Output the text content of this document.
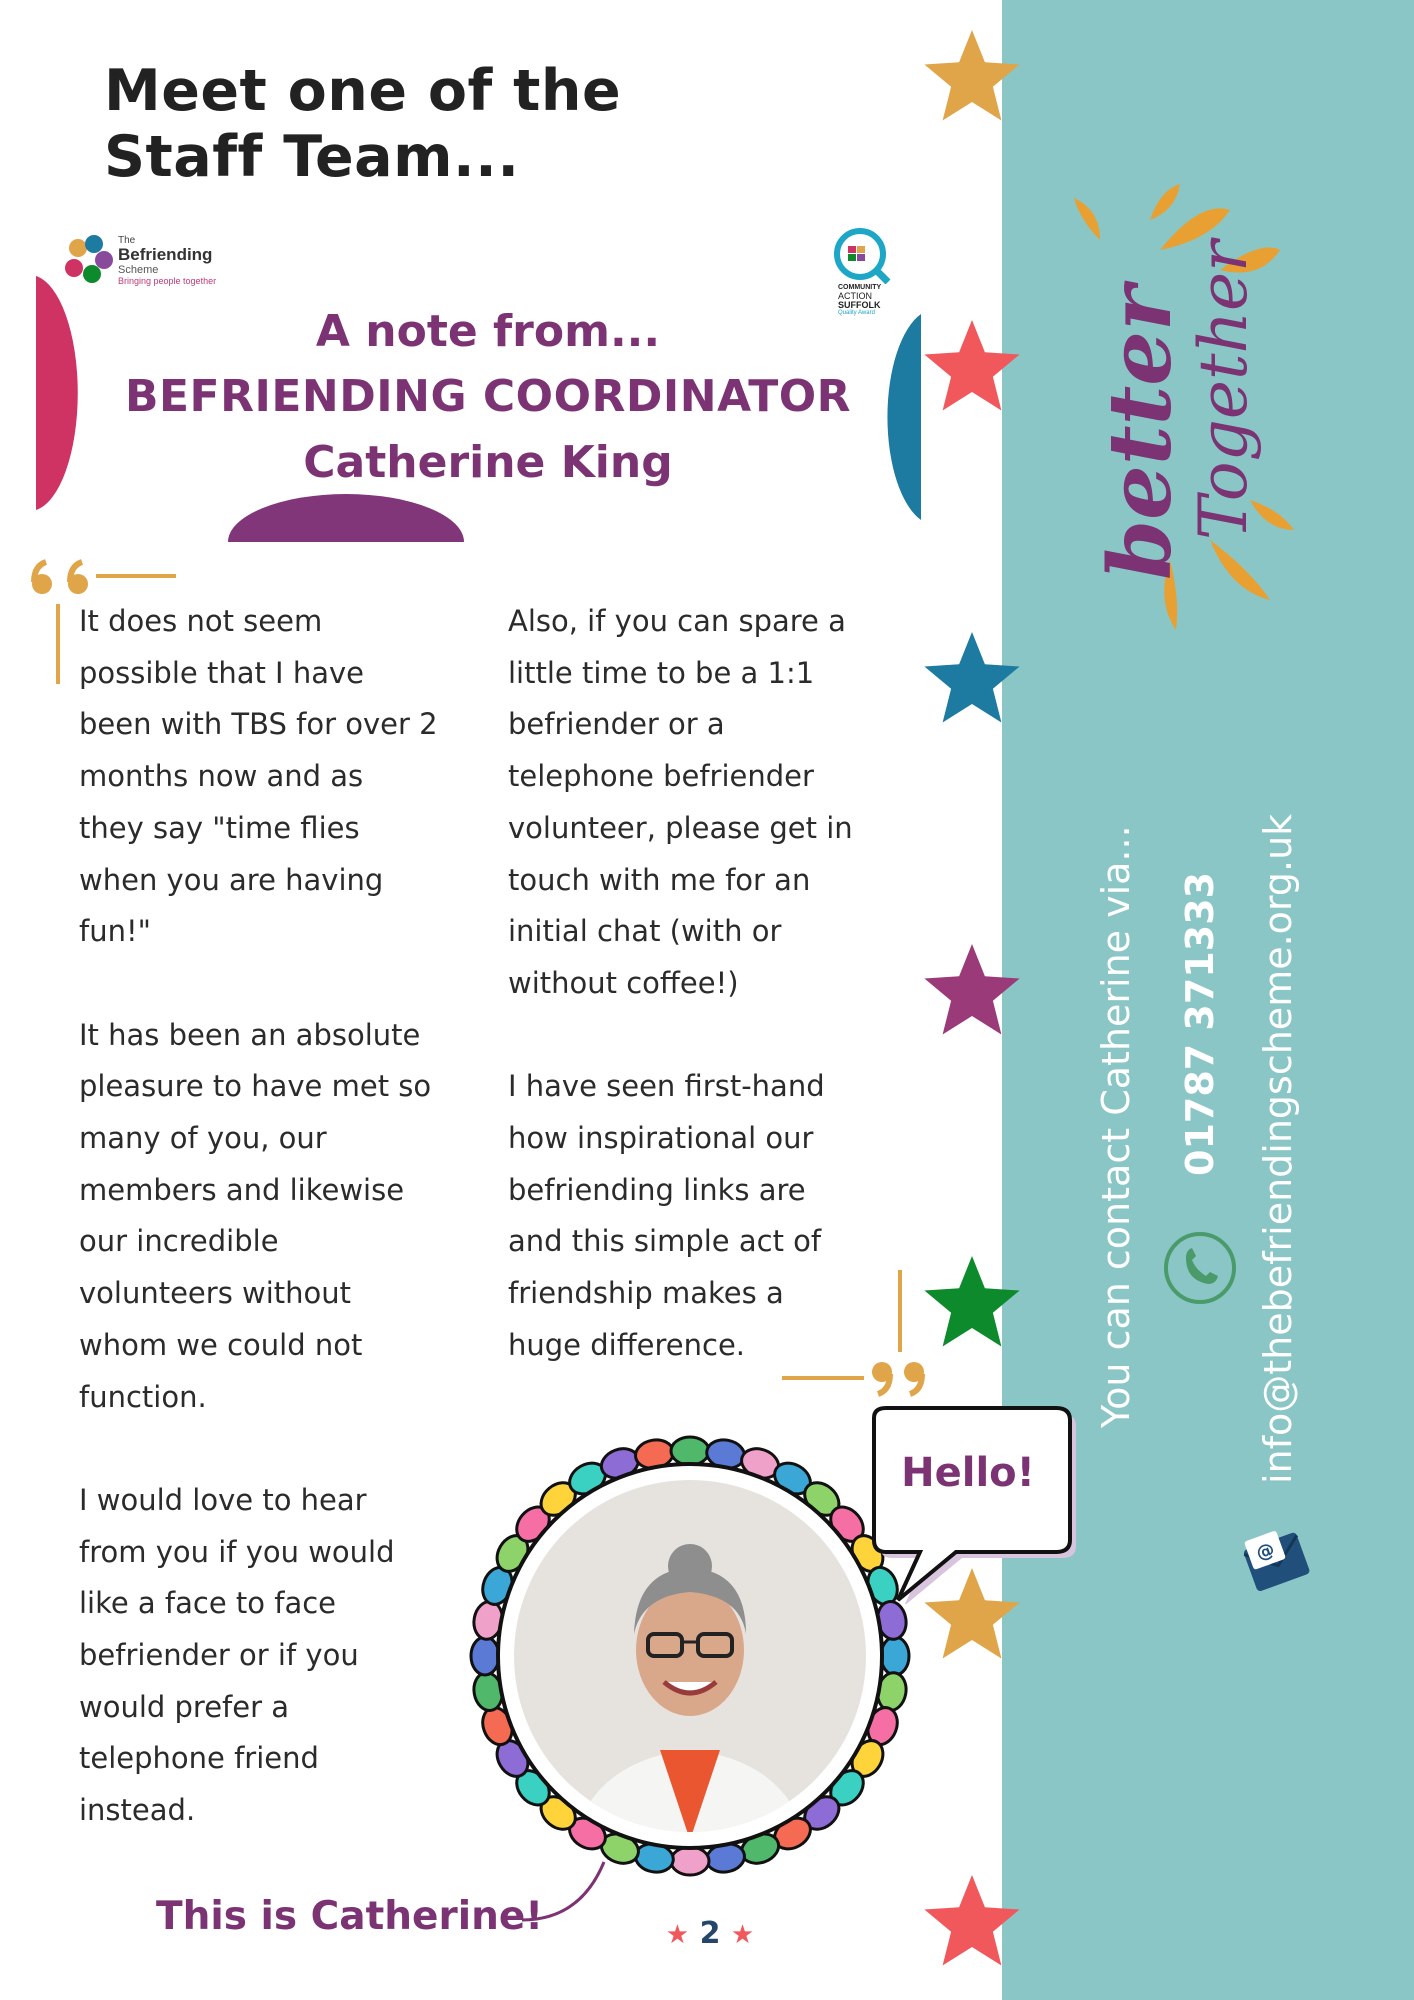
Meet one of the
Staff Team...
The
Befriending
Scheme
Bringing people together
COMMUNITY
ACTION
SUFFOLK
Quality Award
A note from...
BEFRIENDING COORDINATOR
Catherine King
It does not seem
possible that I have
been with TBS for over 2
months now and as
they say "time flies
when you are having
fun!"

It has been an absolute
pleasure to have met so
many of you, our
members and likewise
our incredible
volunteers without
whom we could not
function.

I would love to hear
from you if you would
like a face to face
befriender or if you
would prefer a
telephone friend
instead.
Also, if you can spare a
little time to be a 1:1
befriender or a
telephone befriender
volunteer, please get in
touch with me for an
initial chat (with or
without coffee!)

I have seen first-hand
how inspirational our
befriending links are
and this simple act of
friendship makes a
huge difference.
Hello!
This is Catherine!	★ 2 ★
better
Together
You can contact Catherine via... 01787 371333 info@thebefriendingscheme.org.uk
@
